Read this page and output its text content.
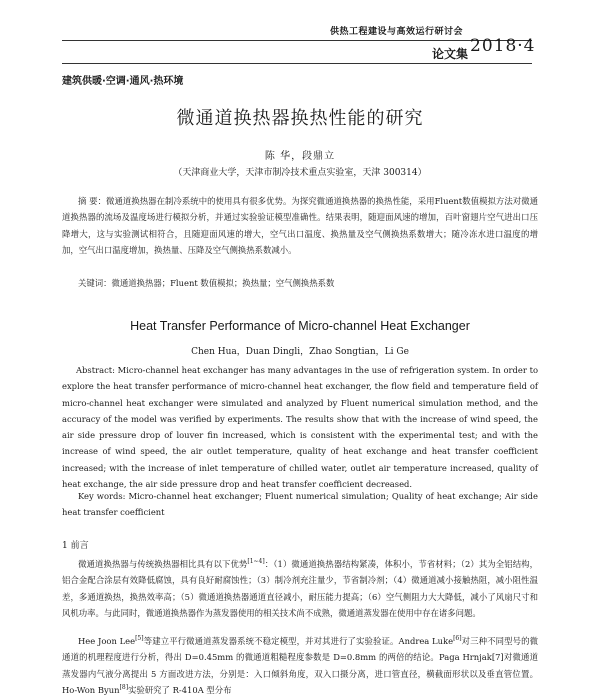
供热工程建设与高效运行研讨会
论文集 2018·4
建筑供暖·空调·通风·热环境
微通道换热器换热性能的研究
陈 华，段鼎立
（天津商业大学，天津市制冷技术重点实验室，天津 300314）
摘 要：微通道换热器在制冷系统中的使用具有很多优势。为探究微通道换热器的换热性能，采用Fluent数值模拟方法对微通道换热器的流场及温度场进行模拟分析，并通过实验验证模型准确性。结果表明，随迎面风速的增加，百叶窗翅片空气进出口压降增大，这与实验测试相符合，且随迎面风速的增大，空气出口温度、换热量及空气侧换热系数增大；随冷冻水进口温度的增加，空气出口温度增加，换热量、压降及空气侧换热系数减小。
关键词：微通道换热器；Fluent 数值模拟；换热量；空气侧换热系数
Heat Transfer Performance of Micro-channel Heat Exchanger
Chen Hua，Duan Dingli，Zhao Songtian，Li Ge
Abstract: Micro-channel heat exchanger has many advantages in the use of refrigeration system. In order to explore the heat transfer performance of micro-channel heat exchanger, the flow field and temperature field of micro-channel heat exchanger were simulated and analyzed by Fluent numerical simulation method, and the accuracy of the model was verified by experiments. The results show that with the increase of wind speed, the air side pressure drop of louver fin increased, which is consistent with the experimental test; and with the increase of wind speed, the air outlet temperature, quality of heat exchange and heat transfer coefficient increased; with the increase of inlet temperature of chilled water, outlet air temperature increased, quality of heat exchange, the air side pressure drop and heat transfer coefficient decreased.
Key words: Micro-channel heat exchanger; Fluent numerical simulation; Quality of heat exchange; Air side heat transfer coefficient
1 前言
微通道换热器与传统换热器相比具有以下优势[1~4]：（1）微通道换热器结构紧凑，体积小，节省材料；（2）其为全铝结构，铝合金配合涂层有效降低腐蚀，具有良好耐腐蚀性；（3）制冷剂充注量少，节省制冷剂；（4）微通道减小接触热阻，减小阻性温差，多通道换热，换热效率高；（5）微通道换热器通道直径减小，耐压能力提高；（6）空气侧阻力大大降低，减小了风扇尺寸和风机功率。与此同时，微通道换热器作为蒸发器使用的相关技术尚不成熟，微通道蒸发器在使用中存在诸多问题。
Hee Joon Lee[5]等建立平行微通道蒸发器系统不稳定模型，并对其进行了实验验证。Andrea Luke[6]对三种不同型号的微通道的机理程度进行分析，得出 D=0.45mm 的微通道粗糙程度参数是 D=0.8mm 的两倍的结论。Paga Hrnjak[7]对微通道蒸发器内气液分离提出 5 方面改进方法，分别是：入口倾斜角度，双入口摄分离，进口管直径，横截面形状以及垂直管位置。Ho-Won Byun[8]实验研究了 R-410A 型分布
